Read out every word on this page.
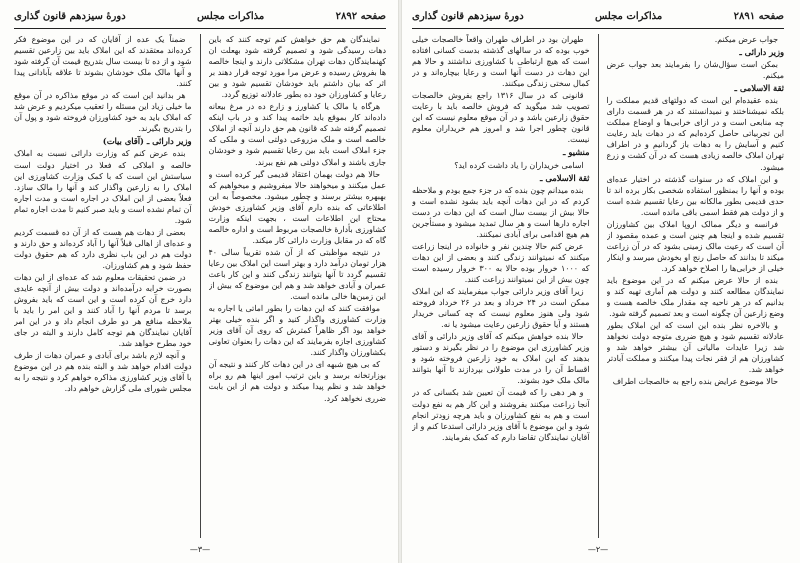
صفحه ۲۸۹۲
مذاکرات مجلس
دورهٔ سیزدهم قانون گذاری

نمایندگان هم حق خواهش کنم توجه کنند که باین دهات رسیدگی شود و تصمیم گرفته شود بهعلت ان کهنمایندگان دهات تهران مشکلاتی دارند و اینجا خالصه ها بفروش رسیده و عرض مرا مورد توجه قرار دهند بر اثر که بیان داشتم باید خودشان تقسیم شود و بین رعایا و کشاورزان خود ده بطور عادلانه توزیع گردد.

هرگاه یا مالک یا کشاورز و زارع ده در مرغ بیعانه داده‌اند کار بموقع باید خاتمه پیدا کند و در باب اینکه تصمیم گرفته شد که قانون هم حق دارند آنچه از املاک خالصه است و ملک مزروعی دولتی است و ملکی که جزء املاک است باید بین رعایا تقسیم شود و خودشان جاری باشند و املاک دولتی هم نفع ببرند.

حالا هم دولت بهمان اعتقاد قدیمی گیر کرده است و عمل میکنند و میخواهند حالا میفروشیم و میخواهیم که بهبهره بیشتر برسند و چطور میشود. مخصوصاً به این اطلاعاتی که بنده دارم آقای وزیر کشاورزی خودش محتاج این اطلاعات است ، بجهت اینکه وزارت کشاورزی بأدارهٔ خالصجات مربوط است و اداره خالصه گاه که در مقابل وزارت دارائی کار میکند.

در نتیجه مواظبتی که از آن شده تقریباً سالی ۴۰ هزار تومان درآمد دارد و بهتر است این املاک بین رعایا تقسیم گردد تا آنها بتوانند زندگی کنند و این کار باعث عمران و آبادی خواهد شد و هم این موضوع که بیش از این زمین‌ها خالی مانده است.

موافقت کنند که این دهات را بطور اماتی یا اجاره به وزارت کشاورزی واگذار کنید و اگر بنده خیلی بهتر خواهد بود اگر ظاهراً کمترش که روی آن آقای وزیر کشاورزی اجازه بفرمایند که این دهات را بعنوان تعاونی بکشاورزان واگذار کنند.

که بی هیچ شبهه ای در این دهات کار کنند و نتیجه آن بوزارتخانه برسد و باین ترتیب امور اینها هم رو براه خواهد شد و نظم پیدا میکند و دولت هم از این بابت ضرری نخواهد کرد.

ضمناً یک عده از آقایان که در این موضوع فکر کرده‌اند معتقدند که این املاک باید بین زارعین تقسیم شود و از ده تا بیست سال بتدریج قیمت آن گرفته شود و آنها مالک ملک خودشان بشوند تا علاقه بآبادانی پیدا کنند.

هر بدانید این است که در موقع مذاکره در آن موقع ما خیلی زیاد این مسئله را تعقیب میکردیم و عرض شد که املاک باید به خود کشاورزان فروخته شود و پول آن را بتدریج بگیرند.

وزیر دارائی ـ (آقای بیات)

بنده عرض کنم که وزارت دارائی نسبت به املاک خالصه و املاکی که فعلا در اختیار دولت است سیاستش این است که با کمک وزارت کشاورزی این املاک را به زارعین واگذار کند و آنها را مالک سازد. فعلاً بعضی از این املاک در اجاره است و مدت اجاره آن تمام نشده است و باید صبر کنیم تا مدت اجاره تمام شود.

بعضی از دهات هم هست که از آن ده قسمت کردیم و عده‌ای از اهالی قبلاً آنها را آباد کرده‌اند و حق دارند و دولت هم در این باب نظری دارد که هم حقوق دولت حفظ شود و هم کشاورزان.

در ضمن تحقیقات معلوم شد که عده‌ای از این دهات بصورت خرابه درآمده‌اند و دولت بیش از آنچه عایدی دارد خرج آن کرده است و این است که باید بفروش برسد تا مردم آنها را آباد کنند و این امر را باید با ملاحظه منافع هر دو طرف انجام داد و در این امر آقایان نمایندگان هم توجه کامل دارند و البته در جای خود مطرح خواهد شد.

و آنچه لازم باشد برای آبادی و عمران دهات از طرف دولت اقدام خواهد شد و البته بنده هم در این موضوع با آقای وزیر کشاورزی مذاکره خواهم کرد و نتیجه را به مجلس شورای ملی گزارش خواهم داد.

—۳—
صفحه ۲۸۹۱
مذاکرات مجلس
دورهٔ سیزدهم قانون گذاری

جواب عرض میکنم.

وزیر دارائی ـ

بمکن است سؤال‌شان را بفرمایند بعد جواب عرض میکنم.

ثقة الاسلامی ـ

بنده عقیده‌ام این است که دولتهای قدیم مملکت را بلکه نمیشناختند و نمیدانستند که در هر قسمت دارای چه منابعی است و در ازای خرابی‌ها و اوضاع مملکت این تجربیاتی حاصل کرده‌ایم که در دهات باید رعایت کنیم و آسایش را به دهات باز گردانیم و در اطراف تهران املاک خالصه زیادی هست که در آن کشت و زرع میشود.

و این املاک که در سنوات گذشته در اختیار عده‌ای بوده و آنها را بمنظور استفاده شخصی بکار برده اند تا حدی قدیمی بطور مالکانه بین رعایا تقسیم شده است و از دولت هم فقط اسمی باقی مانده است.

فرانسه و دیگر ممالک اروپا املاک بین کشاورزان تقسیم شده و اینجا هم چنین است و عمده مقصود از آن است که رعیت مالک زمینی بشود که در آن زراعت میکند تا بدانند که حاصل رنج او بخودش میرسد و اینکار خیلی از خرابی‌ها را اصلاح خواهد کرد.

بنده از حالا عرض میکنم که در این موضوع باید نمایندگان مطالعه کنند و دولت هم آماری تهیه کند و بدانیم که در هر ناحیه چه مقدار ملک خالصه هست و وضع زارعین آن چگونه است و بعد تصمیم گرفته شود.

و بالاخره نظر بنده این است که این املاک بطور عادلانه تقسیم شود و هیچ ضرری متوجه دولت نخواهد شد زیرا عایدات مالیاتی آن بیشتر خواهد شد و کشاورزان هم از فقر نجات پیدا میکنند و مملکت آبادتر خواهد شد.

حالا موضوع عرایض بنده راجع به خالصجات اطراف

طهران بود در اطراف طهران واقعاً خالصجات خیلی خوب بوده که در سالهای گذشته بدست کسانی افتاده است که هیچ ارتباطی با کشاورزی نداشتند و حالا هم این دهات در دست آنها است و رعایا بیچاره‌اند و در کمال سختی زندگی میکنند.

قانونی که در سال ۱۳۱۶ راجع بفروش خالصجات تصویب شد میگوید که فروش خالصه باید با رعایت حقوق زارعین باشد و در آن موقع معلوم نیست که این قانون چطور اجرا شد و امروز هم خریداران معلوم نیست.

منشیو ـ

اسامی خریداران را یاد داشت کرده اید؟

ثقة الاسلامی ـ

بنده میدانم چون بنده که در جزء جمع بودم و ملاحظه کردم که در این دهات آنچه باید بشود نشده است و حالا بیش از بیست سال است که این دهات در دست اجاره دارها است و هر سال تمدید میشود و مستأجرین هم هیچ اقدامی برای آبادی نمیکنند.

عرض کنم حالا چندین نفر و خانواده در اینجا زراعت میکنند که نمیتوانند زندگی کنند و بعضی از این دهات که ۱۰۰۰ خروار بوده حالا به ۳۰۰ خروار رسیده است چون بیش از این نمیتوانند زراعت کنند.

زیرا آقای وزیر دارائی جواب میفرمایند که این املاک ممکن است در ۲۴ خرداد و بعد در ۲۶ خرداد فروخته شود ولی هنوز معلوم نیست که چه کسانی خریدار هستند و آیا حقوق زارعین رعایت میشود یا نه.

حالا بنده خواهش میکنم که آقای وزیر دارائی و آقای وزیر کشاورزی این موضوع را در نظر بگیرند و دستور بدهند که این املاک به خود زارعین فروخته شود و اقساط آن را در مدت طولانی بپردازند تا آنها بتوانند مالک ملک خود بشوند.

و هر دهی را که قیمت آن تعیین شد بکسانی که در آنجا زراعت میکنند بفروشند و این کار هم به نفع دولت است و هم به نفع کشاورزان و باید هرچه زودتر انجام شود و این موضوع با آقای وزیر دارائی استدعا کنم و از آقایان نمایندگان تقاضا دارم که کمک بفرمایند.

—۲—
